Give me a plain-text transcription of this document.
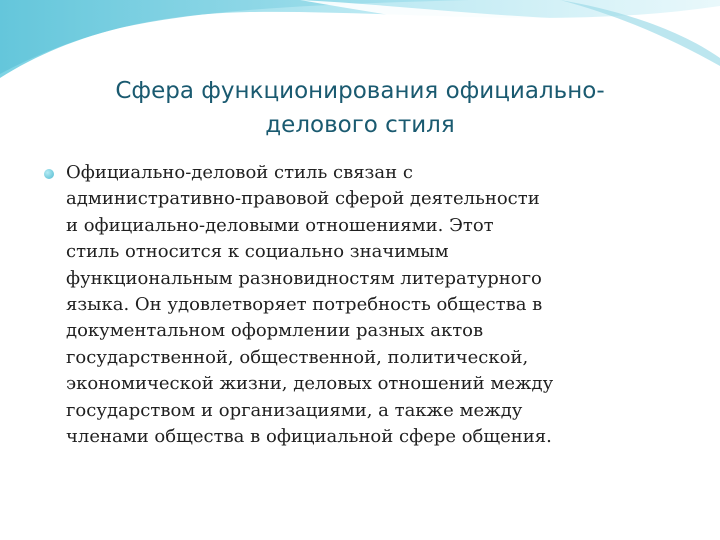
Сфера функционирования официально-
делового стиля

Официально-деловой стиль связан с
административно-правовой сферой деятельности
и официально-деловыми отношениями. Этот
стиль относится к социально значимым
функциональным разновидностям литературного
языка. Он удовлетворяет потребность общества в
документальном оформлении разных актов
государственной, общественной, политической,
экономической жизни, деловых отношений между
государством и организациями, а также между
членами общества в официальной сфере общения.
